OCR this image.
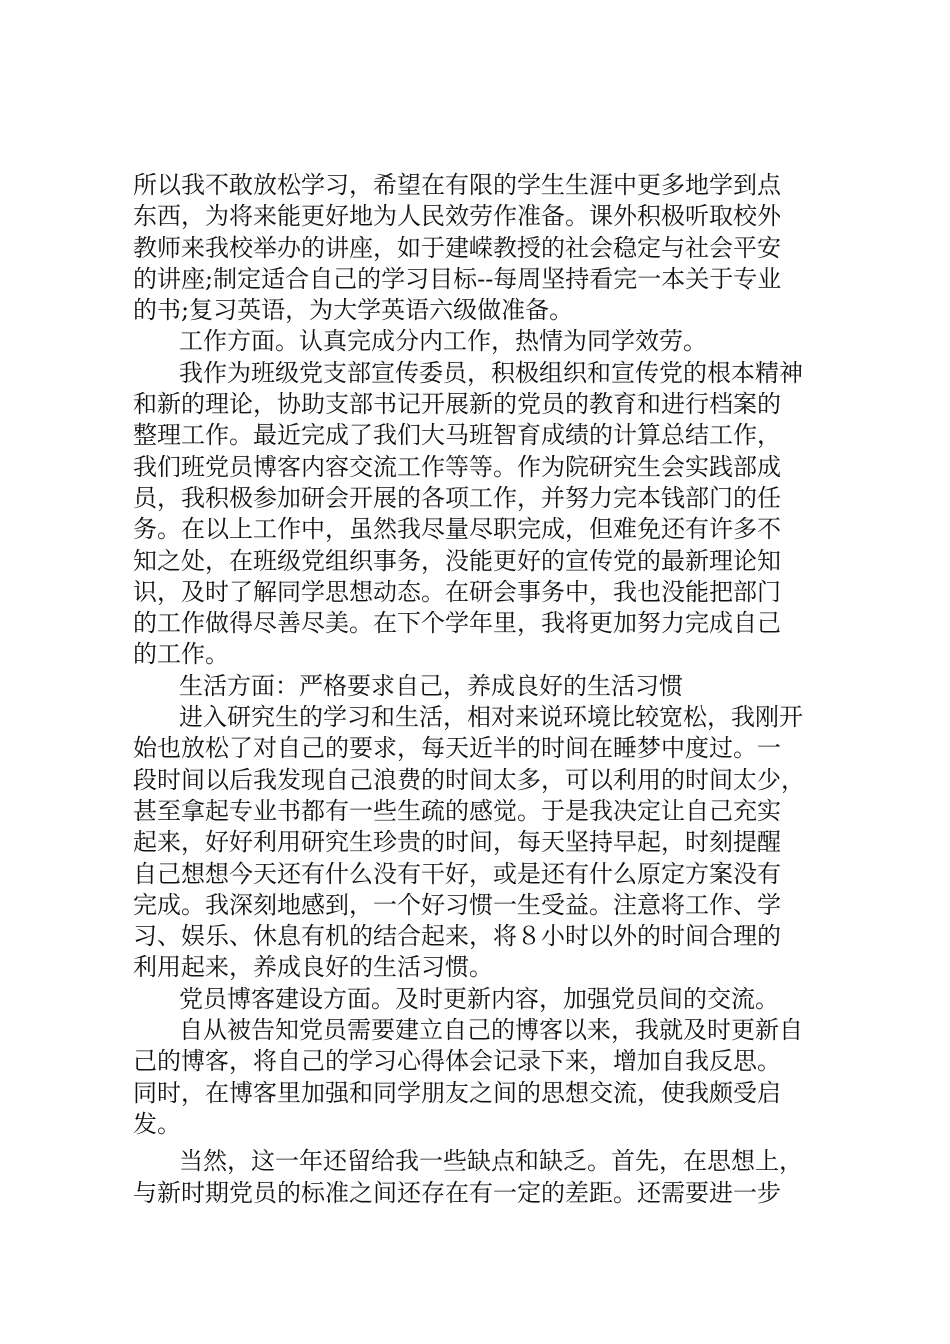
所以我不敢放松学习，希望在有限的学生生涯中更多地学到点
东西，为将来能更好地为人民效劳作准备。课外积极听取校外
教师来我校举办的讲座，如于建嵘教授的社会稳定与社会平安
的讲座;制定适合自己的学习目标--每周坚持看完一本关于专业
的书;复习英语，为大学英语六级做准备。
工作方面。认真完成分内工作，热情为同学效劳。
我作为班级党支部宣传委员，积极组织和宣传党的根本精神
和新的理论，协助支部书记开展新的党员的教育和进行档案的
整理工作。最近完成了我们大马班智育成绩的计算总结工作，
我们班党员博客内容交流工作等等。作为院研究生会实践部成
员，我积极参加研会开展的各项工作，并努力完本钱部门的任
务。在以上工作中，虽然我尽量尽职完成，但难免还有许多不
知之处，在班级党组织事务，没能更好的宣传党的最新理论知
识，及时了解同学思想动态。在研会事务中，我也没能把部门
的工作做得尽善尽美。在下个学年里，我将更加努力完成自己
的工作。
生活方面：严格要求自己，养成良好的生活习惯
进入研究生的学习和生活，相对来说环境比较宽松，我刚开
始也放松了对自己的要求，每天近半的时间在睡梦中度过。一
段时间以后我发现自己浪费的时间太多，可以利用的时间太少，
甚至拿起专业书都有一些生疏的感觉。于是我决定让自己充实
起来，好好利用研究生珍贵的时间，每天坚持早起，时刻提醒
自己想想今天还有什么没有干好，或是还有什么原定方案没有
完成。我深刻地感到，一个好习惯一生受益。注意将工作、学
习、娱乐、休息有机的结合起来，将８小时以外的时间合理的
利用起来，养成良好的生活习惯。
党员博客建设方面。及时更新内容，加强党员间的交流。
自从被告知党员需要建立自己的博客以来，我就及时更新自
己的博客，将自己的学习心得体会记录下来，增加自我反思。
同时，在博客里加强和同学朋友之间的思想交流，使我颇受启
发。
当然，这一年还留给我一些缺点和缺乏。首先，在思想上，
与新时期党员的标准之间还存在有一定的差距。还需要进一步
